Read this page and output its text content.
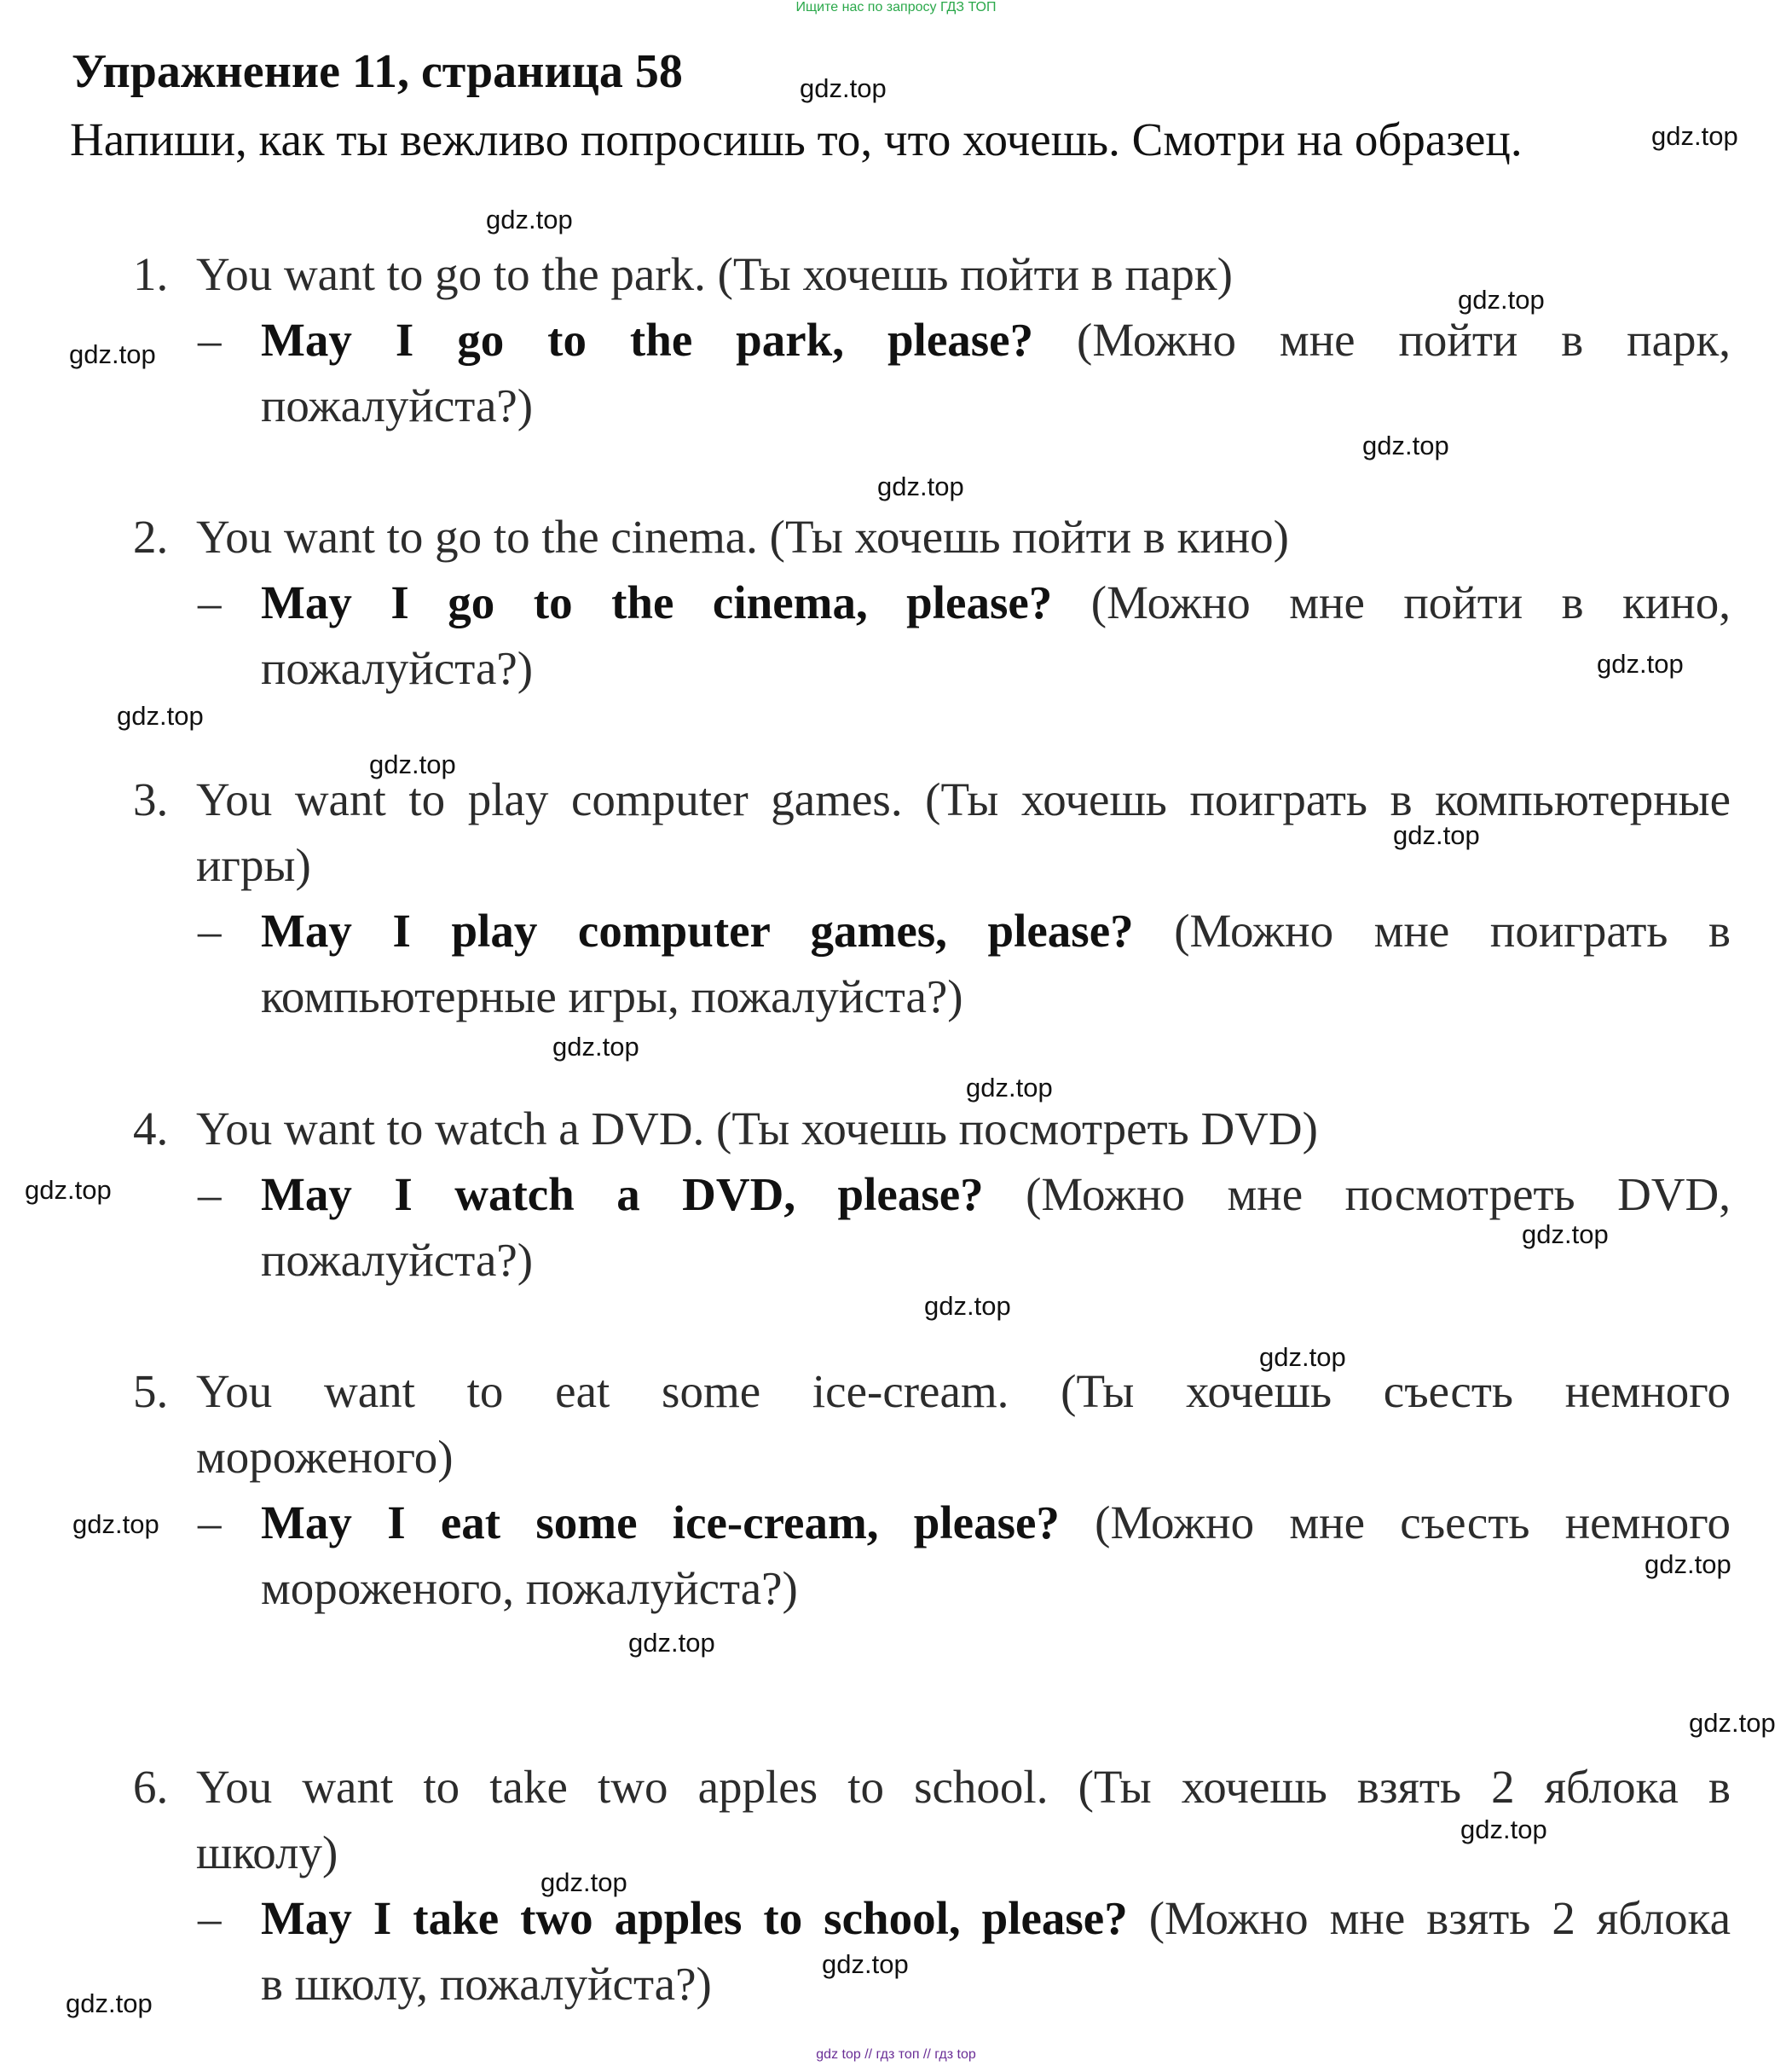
Ищите нас по запросу ГДЗ ТОП
Упражнение 11, страница 58
Напиши, как ты вежливо попросишь то, что хочешь. Смотри на образец.
1. You want to go to the park. (Ты хочешь пойти в парк)
– May I go to the park, please? (Можно мне пойти в парк,
пожалуйста?)
2. You want to go to the cinema. (Ты хочешь пойти в кино)
– May I go to the cinema, please? (Можно мне пойти в кино,
пожалуйста?)
3. You want to play computer games. (Ты хочешь поиграть в компьютерные
игры)
– May I play computer games, please? (Можно мне поиграть в
компьютерные игры, пожалуйста?)
4. You want to watch a DVD. (Ты хочешь посмотреть DVD)
– May I watch a DVD, please? (Можно мне посмотреть DVD,
пожалуйста?)
5. You want to eat some ice-cream. (Ты хочешь съесть немного
мороженого)
– May I eat some ice-cream, please? (Можно мне съесть немного
мороженого, пожалуйста?)
6. You want to take two apples to school. (Ты хочешь взять 2 яблока в
школу)
– May I take two apples to school, please? (Можно мне взять 2 яблока
в школу, пожалуйста?)
gdz.top
gdz.top
gdz.top
gdz.top
gdz.top
gdz.top
gdz.top
gdz.top
gdz.top
gdz.top
gdz.top
gdz.top
gdz.top
gdz.top
gdz.top
gdz.top
gdz.top
gdz.top
gdz.top
gdz.top
gdz.top
gdz.top
gdz.top
gdz.top
gdz.top
gdz top // гдз топ // гдз top
